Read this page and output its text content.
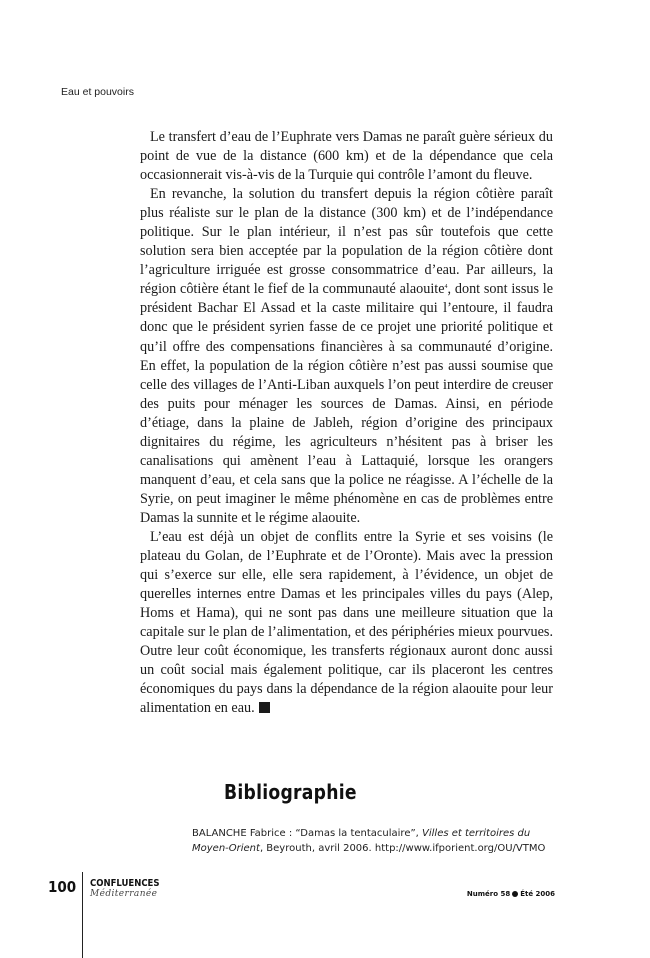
Eau et pouvoirs

Le transfert d’eau de l’Euphrate vers Damas ne paraît guère sérieux du point de vue de la distance (600 km) et de la dépendance que cela occasionnerait vis-à-vis de la Turquie qui contrôle l’amont du fleuve.

En revanche, la solution du transfert depuis la région côtière paraît plus réaliste sur le plan de la distance (300 km) et de l’indépendance politique. Sur le plan intérieur, il n’est pas sûr toutefois que cette solution sera bien acceptée par la population de la région côtière dont l’agriculture irriguée est grosse consommatrice d’eau. Par ailleurs, la région côtière étant le fief de la communauté alaouite$^4$, dont sont issus le président Bachar El Assad et la caste militaire qui l’entoure, il faudra donc que le président syrien fasse de ce projet une priorité politique et qu’il offre des compensations financières à sa communauté d’origine. En effet, la population de la région côtière n’est pas aussi soumise que celle des villages de l’Anti-Liban auxquels l’on peut interdire de creuser des puits pour ménager les sources de Damas. Ainsi, en période d’étiage, dans la plaine de Jableh, région d’origine des principaux dignitaires du régime, les agriculteurs n’hésitent pas à briser les canalisations qui amènent l’eau à Lattaquié, lorsque les orangers manquent d’eau, et cela sans que la police ne réagisse. A l’échelle de la Syrie, on peut imaginer le même phénomène en cas de problèmes entre Damas la sunnite et le régime alaouite.

L’eau est déjà un objet de conflits entre la Syrie et ses voisins (le plateau du Golan, de l’Euphrate et de l’Oronte). Mais avec la pression qui s’exerce sur elle, elle sera rapidement, à l’évidence, un objet de querelles internes entre Damas et les principales villes du pays (Alep, Homs et Hama), qui ne sont pas dans une meilleure situation que la capitale sur le plan de l’alimentation, et des périphéries mieux pourvues. Outre leur coût économique, les transferts régionaux auront donc aussi un coût social mais également politique, car ils placeront les centres économiques du pays dans la dépendance de la région alaouite pour leur alimentation en eau.

Bibliographie
BALANCHE Fabrice : “Damas la tentaculaire”, Villes et territoires du Moyen-Orient, Beyrouth, avril 2006. http://www.ifporient.org/OU/VTMO
100 CONFLUENCES
Méditerranée	Numéro 58 Été 2006
